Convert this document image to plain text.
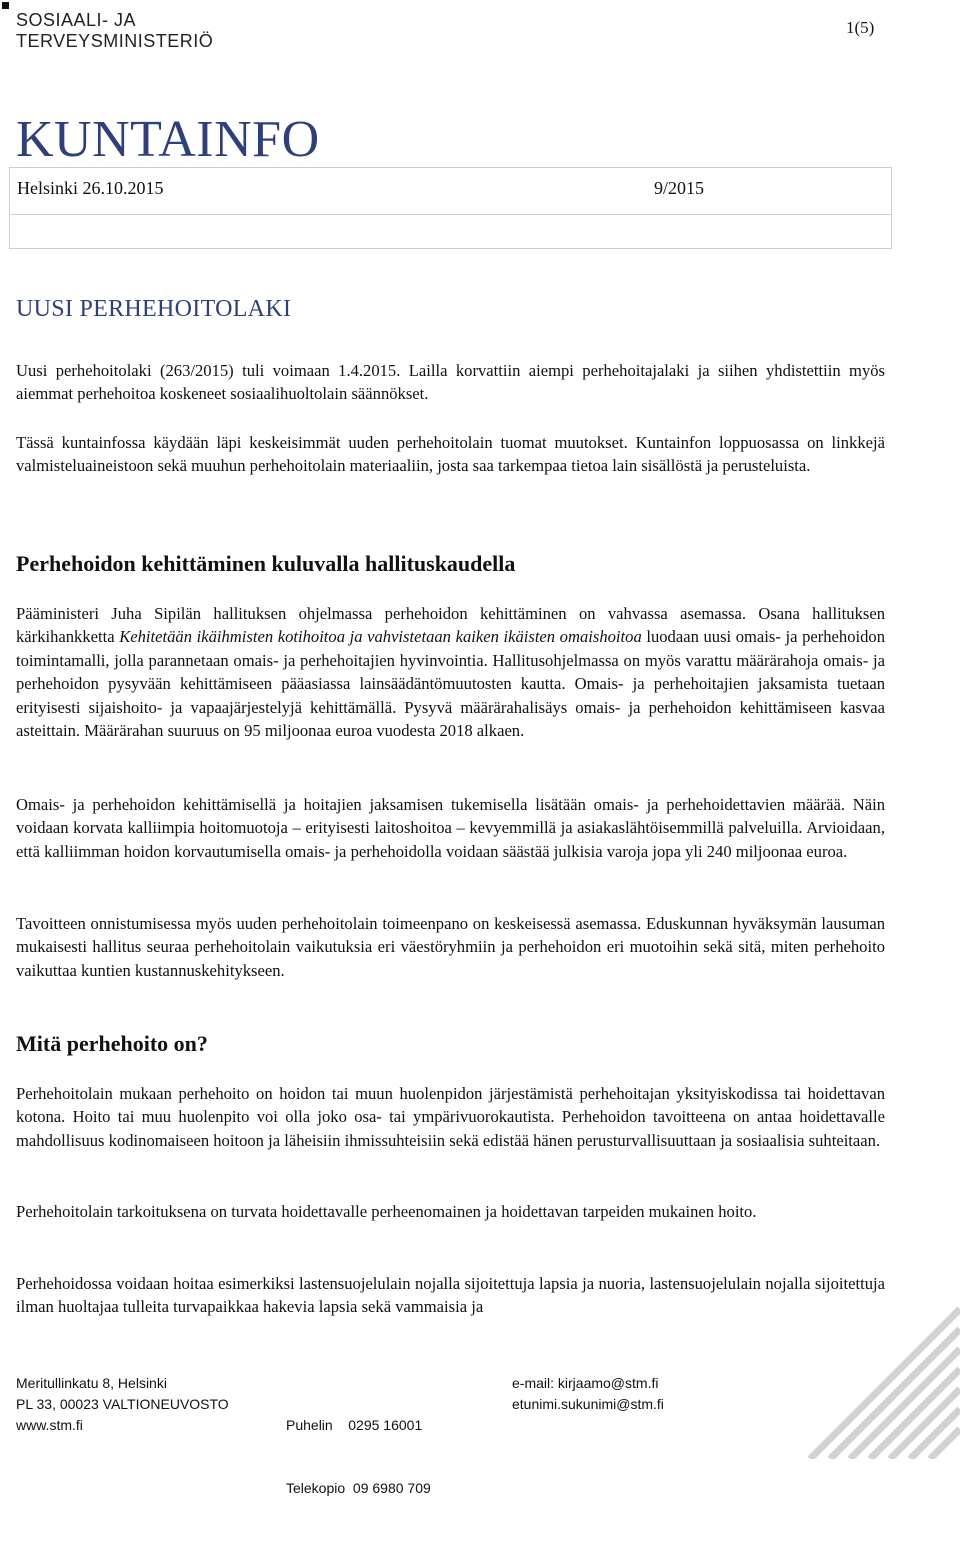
SOSIAALI- JA
TERVEYSMINISTERIÖ
1(5)
KUNTAINFO
Helsinki 26.10.2015	9/2015
UUSI PERHEHOITOLAKI
Uusi perhehoitolaki (263/2015) tuli voimaan 1.4.2015. Lailla korvattiin aiempi perhehoitajalaki ja siihen yhdistettiin myös aiemmat perhehoitoa koskeneet sosiaalihuoltolain säännökset.
Tässä kuntainfossa käydään läpi keskeisimmät uuden perhehoitolain tuomat muutokset. Kuntainfon loppuosassa on linkkejä valmisteluaineistoon sekä muuhun perhehoitolain materiaaliin, josta saa tarkempaa tietoa lain sisällöstä ja perusteluista.
Perhehoidon kehittäminen kuluvalla hallituskaudella
Pääministeri Juha Sipilän hallituksen ohjelmassa perhehoidon kehittäminen on vahvassa asemassa. Osana hallituksen kärkihankketta Kehitetään ikäihmisten kotihoitoa ja vahvistetaan kaiken ikäisten omaishoitoa luodaan uusi omais- ja perhehoidon toimintamalli, jolla parannetaan omais- ja perhehoitajien hyvinvointia. Hallitusohjelmassa on myös varattu määrärahoja omais- ja perhehoidon pysyvään kehittämiseen pääasiassa lainsäädäntömuutosten kautta. Omais- ja perhehoitajien jaksamista tuetaan erityisesti sijaishoito- ja vapaajärjestelyjä kehittämällä. Pysyvä määrärahalisäys omais- ja perhehoidon kehittämiseen kasvaa asteittain. Määrärahan suuruus on 95 miljoonaa euroa vuodesta 2018 alkaen.
Omais- ja perhehoidon kehittämisellä ja hoitajien jaksamisen tukemisella lisätään omais- ja perhehoidettavien määrää. Näin voidaan korvata kalliimpia hoitomuotoja – erityisesti laitoshoitoa – kevyemmillä ja asiakaslähtöisemmillä palveluilla. Arvioidaan, että kalliimman hoidon korvautumisella omais- ja perhehoidolla voidaan säästää julkisia varoja jopa yli 240 miljoonaa euroa.
Tavoitteen onnistumisessa myös uuden perhehoitolain toimeenpano on keskeisessä asemassa. Eduskunnan hyväksymän lausuman mukaisesti hallitus seuraa perhehoitolain vaikutuksia eri väestöryhmiin ja perhehoidon eri muotoihin sekä sitä, miten perhehoito vaikuttaa kuntien kustannuskehitykseen.
Mitä perhehoito on?
Perhehoitolain mukaan perhehoito on hoidon tai muun huolenpidon järjestämistä perhehoitajan yksityiskodissa tai hoidettavan kotona. Hoito tai muu huolenpito voi olla joko osa- tai ympärivuorokautista. Perhehoidon tavoitteena on antaa hoidettavalle mahdollisuus kodinomaiseen hoitoon ja läheisiin ihmissuhteisiin sekä edistää hänen perusturvallisuuttaan ja sosiaalisia suhteitaan.
Perhehoitolain tarkoituksena on turvata hoidettavalle perheenomainen ja hoidettavan tarpeiden mukainen hoito.
Perhehoidossa voidaan hoitaa esimerkiksi lastensuojelulain nojalla sijoitettuja lapsia ja nuoria, lastensuojelulain nojalla sijoitettuja ilman huoltajaa tulleita turvapaikkaa hakevia lapsia sekä vammaisia ja
Meritullinkatu 8, Helsinki
PL 33, 00023 VALTIONEUVOSTO
www.stm.fi

	Puhelin    0295 16001

Telekopio  09 6980 709

e-mail: kirjaamo@stm.fi
etunimi.sukunimi@stm.fi
